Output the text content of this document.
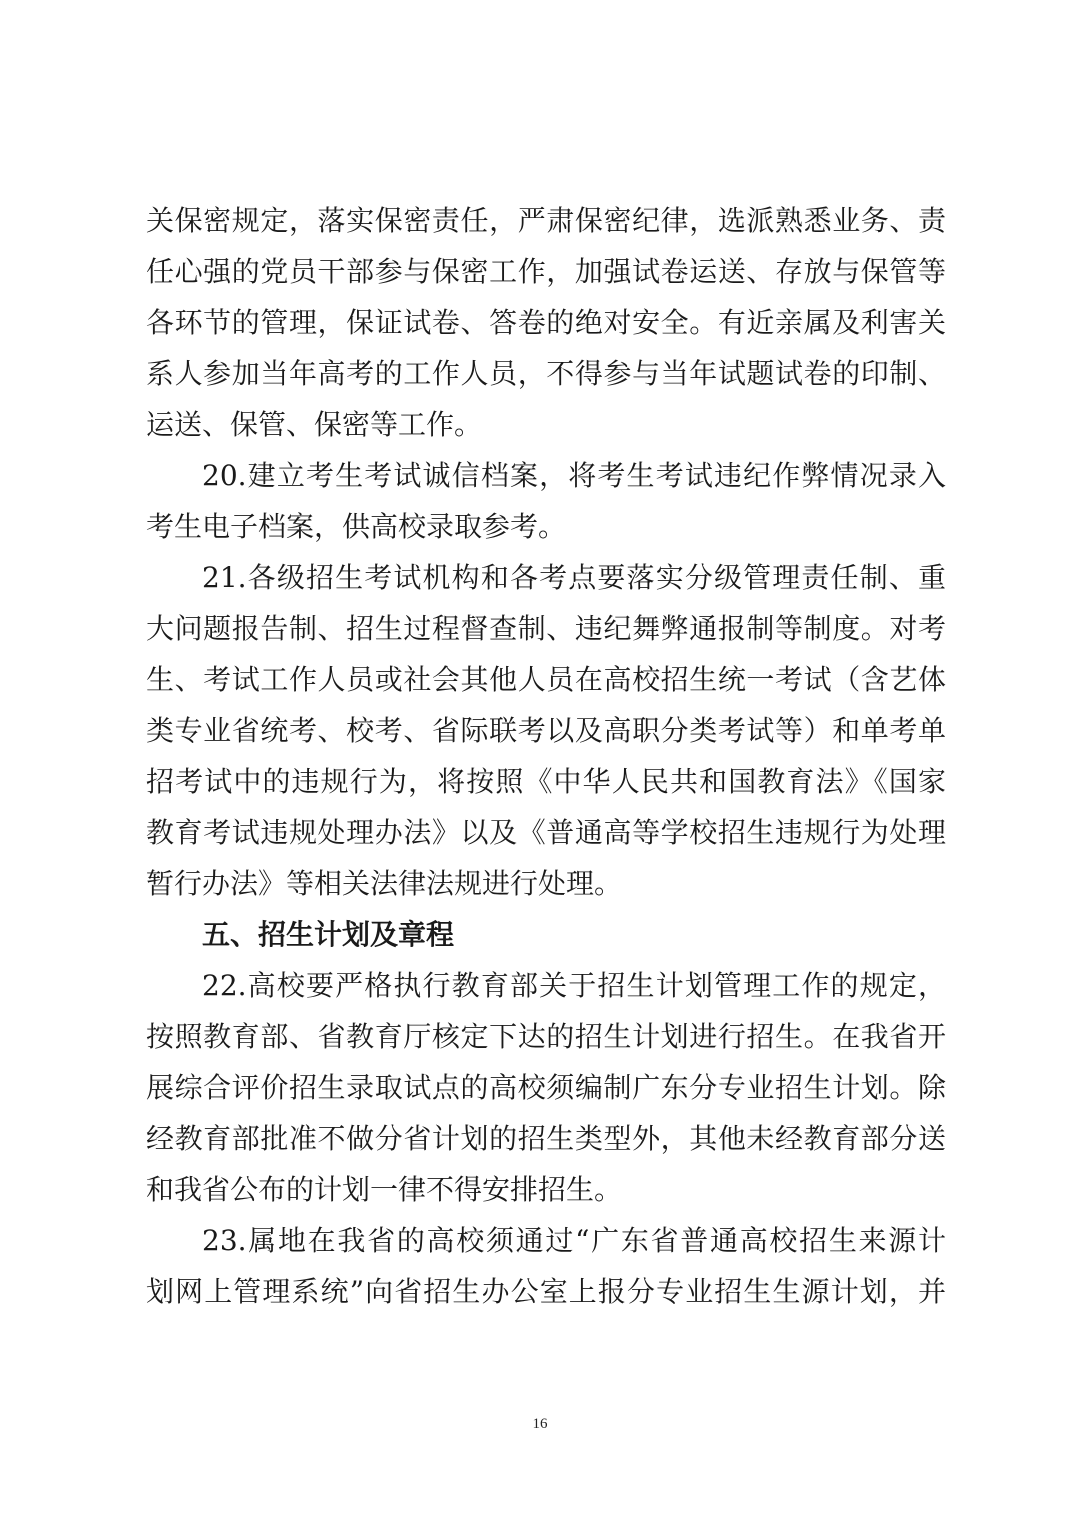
关保密规定，落实保密责任，严肃保密纪律，选派熟悉业务、责
任心强的党员干部参与保密工作，加强试卷运送、存放与保管等
各环节的管理，保证试卷、答卷的绝对安全。有近亲属及利害关
系人参加当年高考的工作人员，不得参与当年试题试卷的印制、
运送、保管、保密等工作。
20.建立考生考试诚信档案，将考生考试违纪作弊情况录入
考生电子档案，供高校录取参考。
21.各级招生考试机构和各考点要落实分级管理责任制、重
大问题报告制、招生过程督查制、违纪舞弊通报制等制度。对考
生、考试工作人员或社会其他人员在高校招生统一考试（含艺体
类专业省统考、校考、省际联考以及高职分类考试等）和单考单
招考试中的违规行为，将按照《中华人民共和国教育法》《国家
教育考试违规处理办法》以及《普通高等学校招生违规行为处理
暂行办法》等相关法律法规进行处理。
五、招生计划及章程
22.高校要严格执行教育部关于招生计划管理工作的规定，
按照教育部、省教育厅核定下达的招生计划进行招生。在我省开
展综合评价招生录取试点的高校须编制广东分专业招生计划。除
经教育部批准不做分省计划的招生类型外，其他未经教育部分送
和我省公布的计划一律不得安排招生。
23.属地在我省的高校须通过“广东省普通高校招生来源计
划网上管理系统”向省招生办公室上报分专业招生生源计划，并
16
